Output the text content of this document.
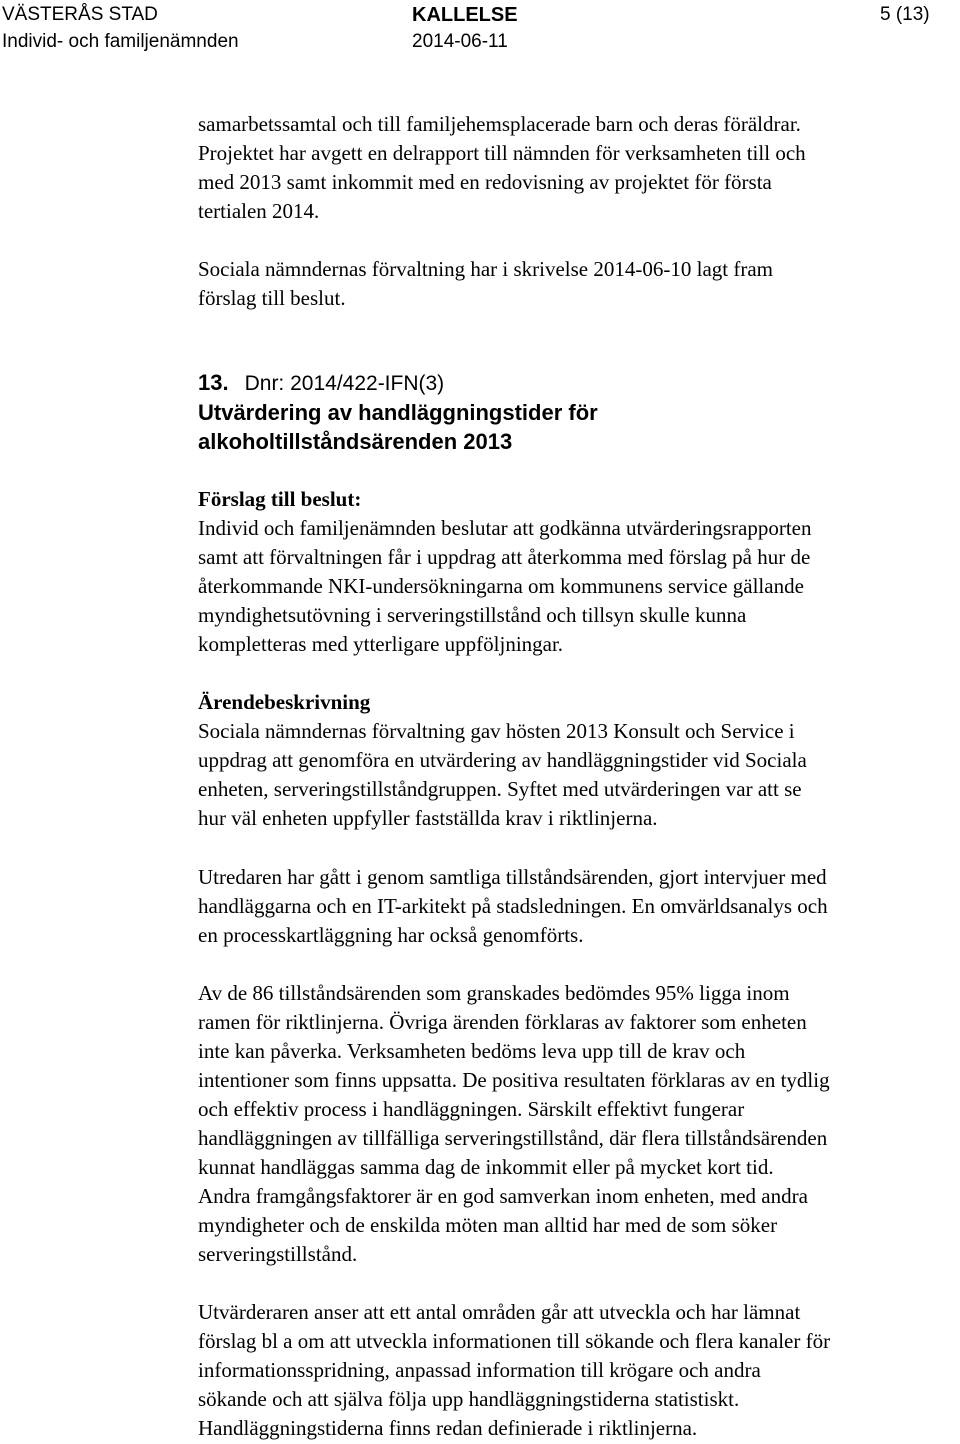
VÄSTERÅS STAD
Individ- och familjenämnden
KALLELSE
2014-06-11
5 (13)

samarbetssamtal och till familjehemsplacerade barn och deras föräldrar.
Projektet har avgett en delrapport till nämnden för verksamheten till och
med 2013 samt inkommit med en redovisning av projektet för första
tertialen 2014.

Sociala nämndernas förvaltning har i skrivelse 2014-06-10 lagt fram
förslag till beslut.

13. Dnr: 2014/422-IFN(3)
Utvärdering av handläggningstider för
alkoholtillståndsärenden 2013

Förslag till beslut:

Individ och familjenämnden beslutar att godkänna utvärderingsrapporten
samt att förvaltningen får i uppdrag att återkomma med förslag på hur de
återkommande NKI-undersökningarna om kommunens service gällande
myndighetsutövning i serveringstillstånd och tillsyn skulle kunna
kompletteras med ytterligare uppföljningar.

Ärendebeskrivning

Sociala nämndernas förvaltning gav hösten 2013 Konsult och Service i
uppdrag att genomföra en utvärdering av handläggningstider vid Sociala
enheten, serveringstillståndgruppen. Syftet med utvärderingen var att se
hur väl enheten uppfyller fastställda krav i riktlinjerna.

Utredaren har gått i genom samtliga tillståndsärenden, gjort intervjuer med
handläggarna och en IT-arkitekt på stadsledningen. En omvärldsanalys och
en processkartläggning har också genomförts.

Av de 86 tillståndsärenden som granskades bedömdes 95% ligga inom
ramen för riktlinjerna. Övriga ärenden förklaras av faktorer som enheten
inte kan påverka. Verksamheten bedöms leva upp till de krav och
intentioner som finns uppsatta. De positiva resultaten förklaras av en tydlig
och effektiv process i handläggningen. Särskilt effektivt fungerar
handläggningen av tillfälliga serveringstillstånd, där flera tillståndsärenden
kunnat handläggas samma dag de inkommit eller på mycket kort tid.
Andra framgångsfaktorer är en god samverkan inom enheten, med andra
myndigheter och de enskilda möten man alltid har med de som söker
serveringstillstånd.

Utvärderaren anser att ett antal områden går att utveckla och har lämnat
förslag bl a om att utveckla informationen till sökande och flera kanaler för
informationsspridning, anpassad information till krögare och andra
sökande och att själva följa upp handläggningstiderna statistiskt.
Handläggningstiderna finns redan definierade i riktlinjerna.
